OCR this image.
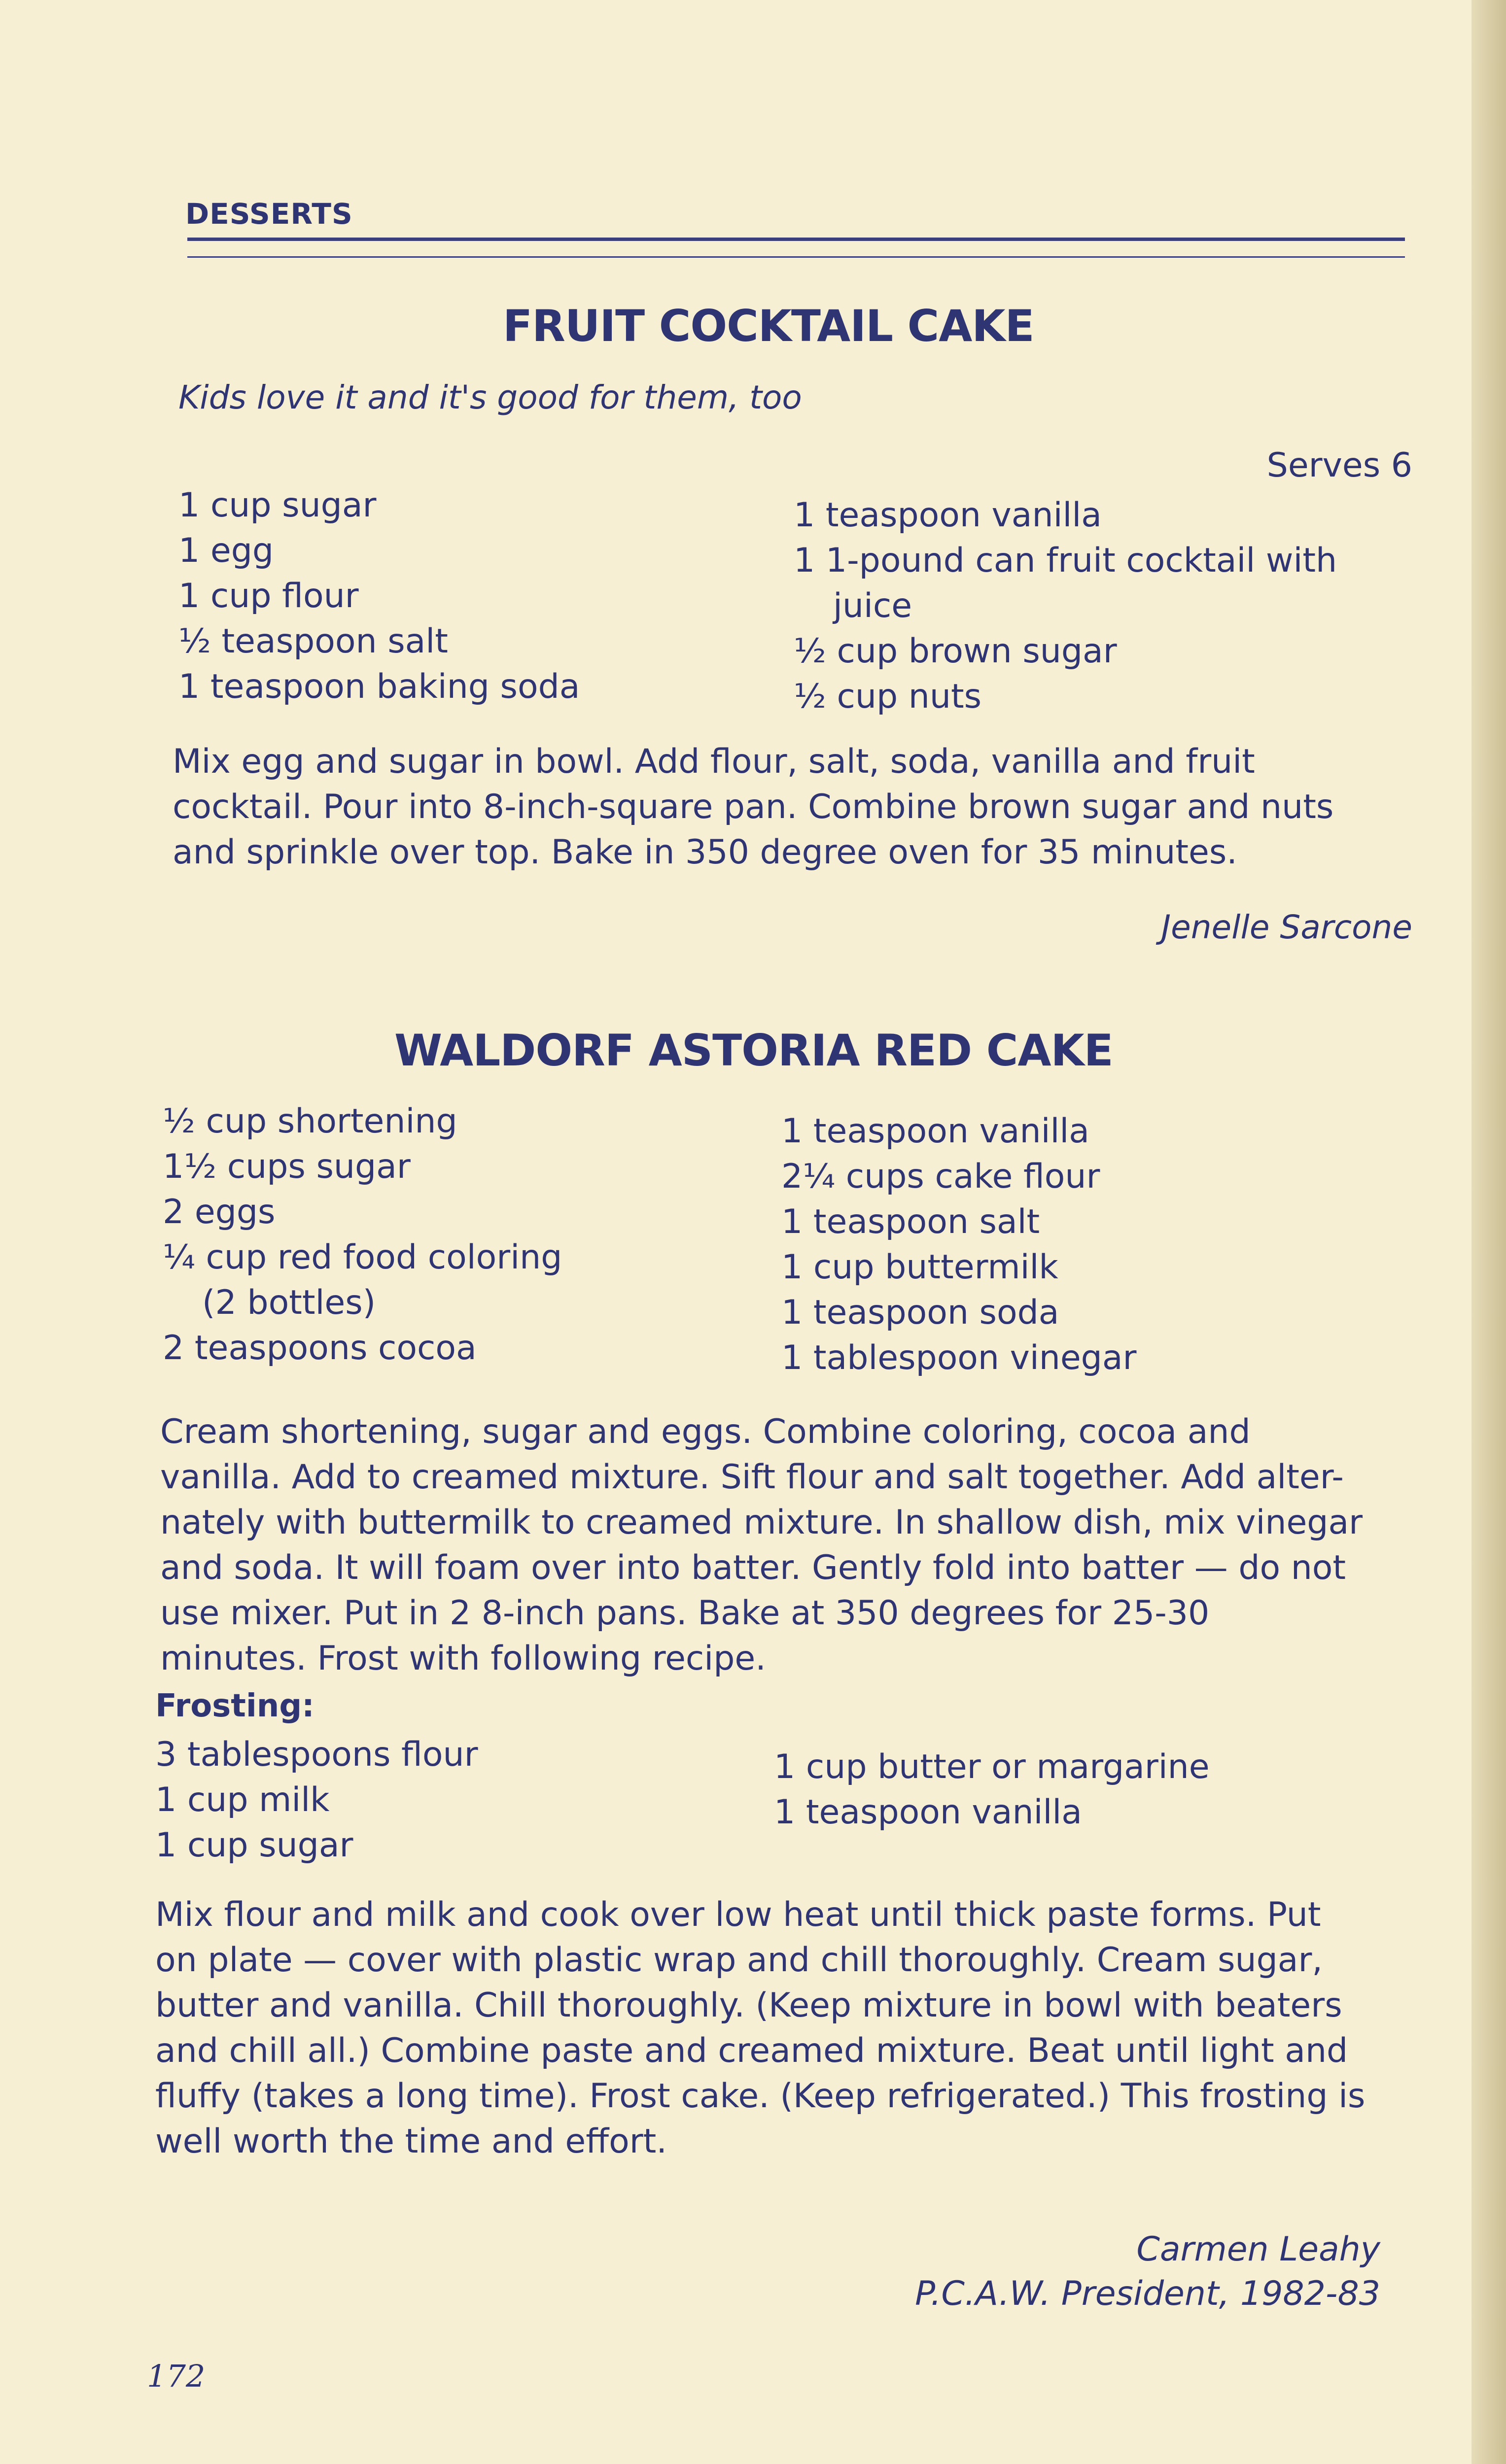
DESSERTS
FRUIT COCKTAIL CAKE
Kids love it and it's good for them, too
Serves 6
1 cup sugar
1 egg
1 cup flour
½ teaspoon salt
1 teaspoon baking soda
1 teaspoon vanilla
1 1-pound can fruit cocktail with
juice
½ cup brown sugar
½ cup nuts
Mix egg and sugar in bowl. Add flour, salt, soda, vanilla and fruit
cocktail. Pour into 8-inch-square pan. Combine brown sugar and nuts
and sprinkle over top. Bake in 350 degree oven for 35 minutes.
Jenelle Sarcone
WALDORF ASTORIA RED CAKE
½ cup shortening
1½ cups sugar
2 eggs
¼ cup red food coloring
(2 bottles)
2 teaspoons cocoa
1 teaspoon vanilla
2¼ cups cake flour
1 teaspoon salt
1 cup buttermilk
1 teaspoon soda
1 tablespoon vinegar
Cream shortening, sugar and eggs. Combine coloring, cocoa and
vanilla. Add to creamed mixture. Sift flour and salt together. Add alter-
nately with buttermilk to creamed mixture. In shallow dish, mix vinegar
and soda. It will foam over into batter. Gently fold into batter — do not
use mixer. Put in 2 8-inch pans. Bake at 350 degrees for 25-30
minutes. Frost with following recipe.
Frosting:
3 tablespoons flour
1 cup milk
1 cup sugar
1 cup butter or margarine
1 teaspoon vanilla
Mix flour and milk and cook over low heat until thick paste forms. Put
on plate — cover with plastic wrap and chill thoroughly. Cream sugar,
butter and vanilla. Chill thoroughly. (Keep mixture in bowl with beaters
and chill all.) Combine paste and creamed mixture. Beat until light and
fluffy (takes a long time). Frost cake. (Keep refrigerated.) This frosting is
well worth the time and effort.
Carmen Leahy
P.C.A.W. President, 1982-83
172
